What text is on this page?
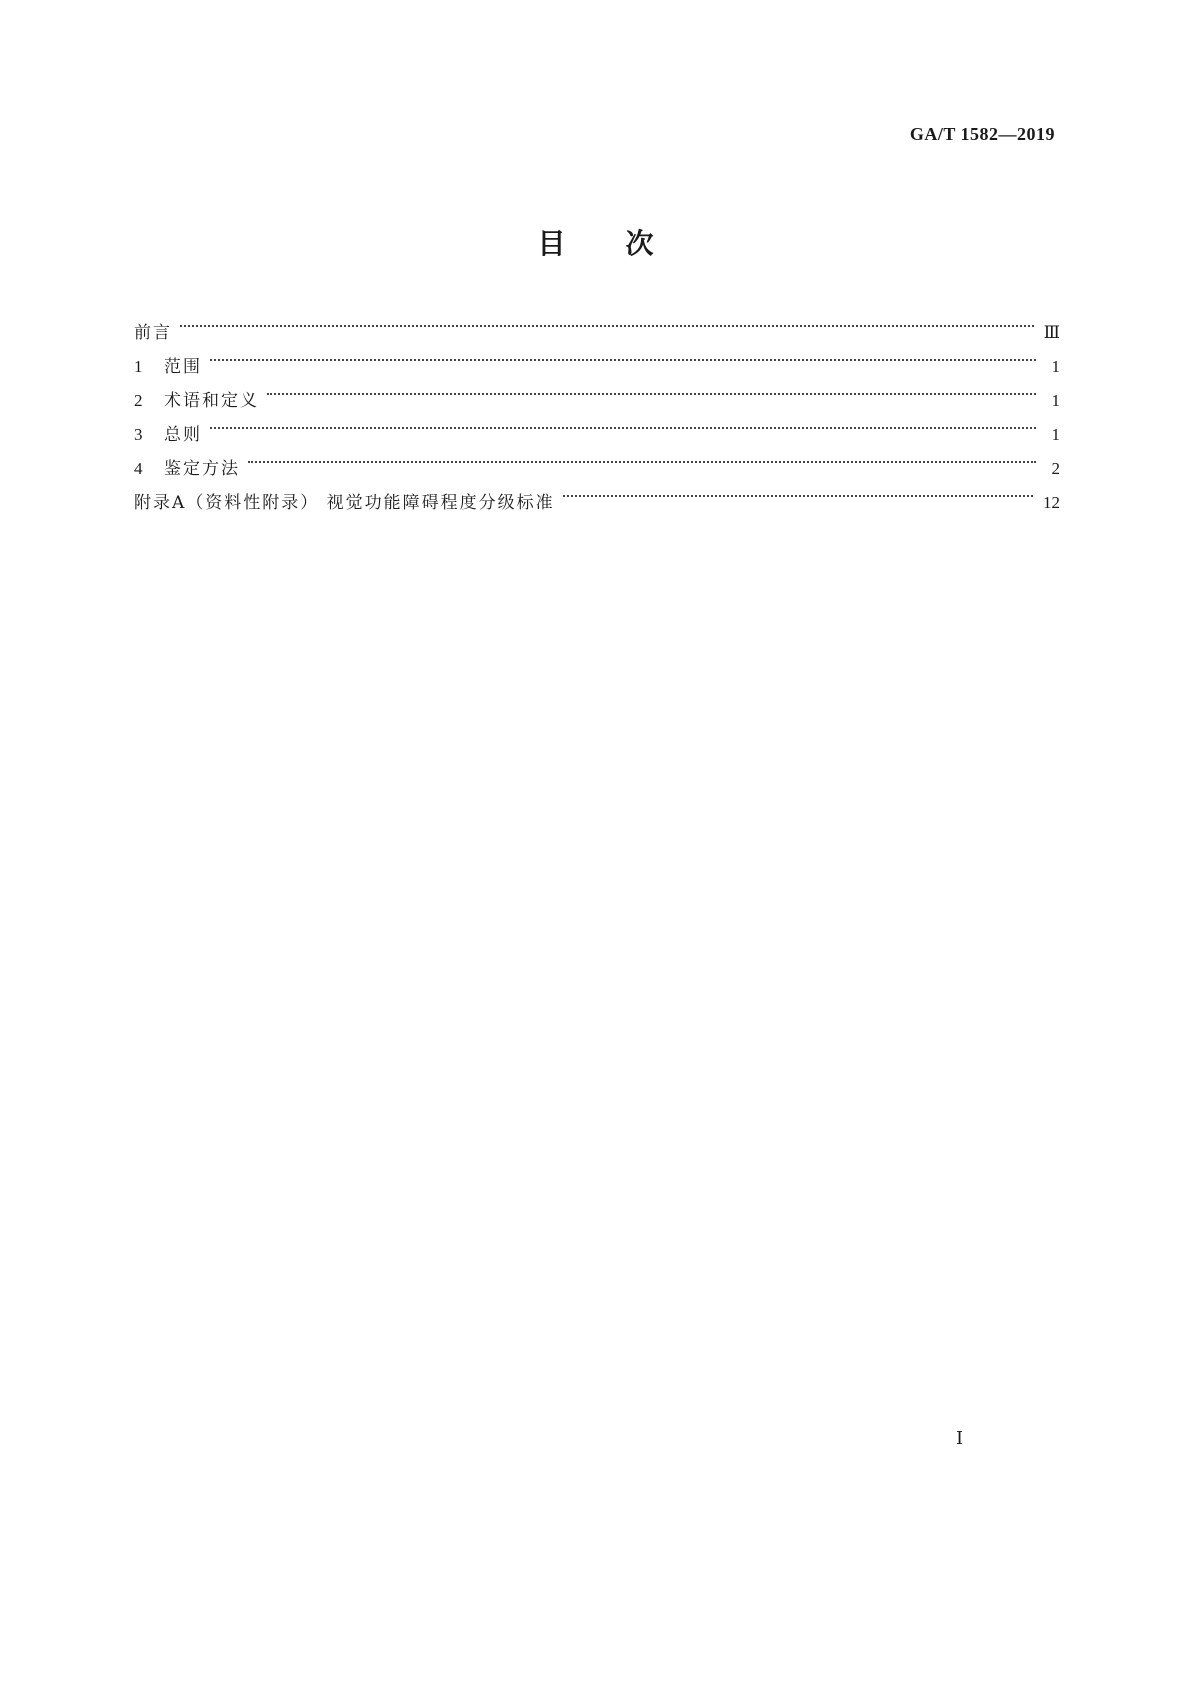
GA/T 1582—2019
目次
前言	Ⅲ
1	范围	1
2	术语和定义	1
3	总则	1
4	鉴定方法	2
附录A（资料性附录） 视觉功能障碍程度分级标准	12
Ⅰ
